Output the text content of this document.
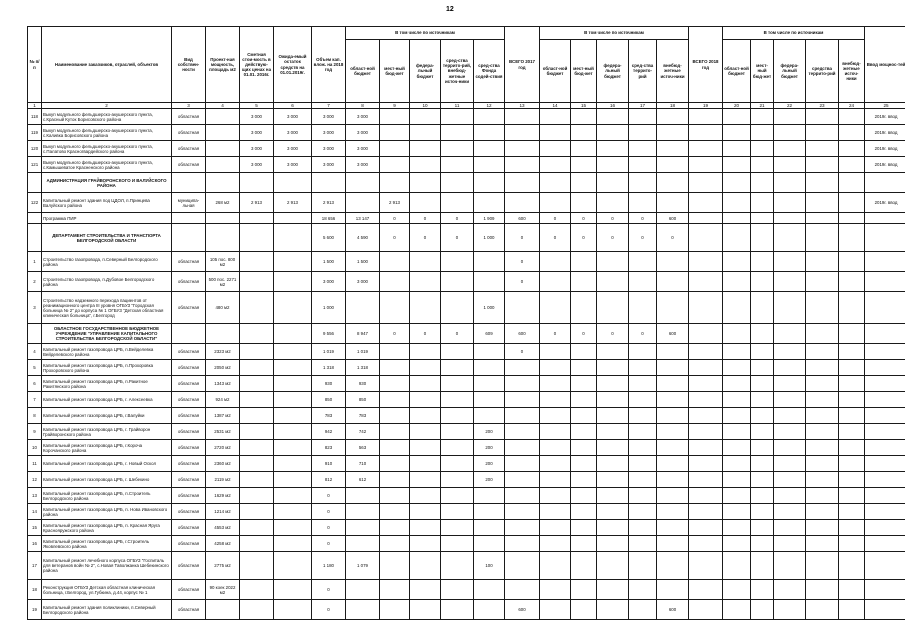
12
№ п/п	Наименование заказчиков, отраслей, объектов	Вид собствен-ности	Проект-ная мощность, площадь м2	Сметная стои-мость в действую-щих ценах на 01.01. 2016г.	Ожида-емый остаток средств на 01.01.2019г.	Объем кап. влож. на 2018 год	В том числе по источникам					ВСЕГО 2017 год	В том числе по источникам					ВСЕГО 2018 год	В том числе по источникам					Ввод мощнос-тей
							област-ной бюджет	мест-ный бюд-жет	федера-льный бюджет	сред-ства террито-рий, внебюд-жетные источ-ники	сред-ства Фонда содей-ствия		област-ной бюджет	мест-ный бюд-жет	федера-льный бюджет	сред-ства террито-рий	внебюд-жетные источ-ники		област-ной бюджет	мест-ный бюд-жет	федера-льный бюджет	средства террито-рий	внебюд-жетные источ-ники	
1	2	3	4	5	6	7	8	9	10	11	12	13	14	15	16	17	18	19	20	21	22	23	24	25
118	Выкуп модульного фельдшерско-акушерского пункта, с.Красный Куток Борисовского района	областная		3 000	3 000	3 000	3 000																	2019г. ввод
119	Выкуп модульного фельдшерско-акушерского пункта, с.Каливка Борисовского района	областная		3 000	3 000	3 000	3 000																	2019г. ввод
120	Выкуп модульного фельдшерско-акушерского пункта, с.Палатово Красногвардейского района	областная		3 000	3 000	3 000	3 000																	2019г. ввод
121	Выкуп модульного фельдшерско-акушерского пункта, с.Камышеватое Красненского района	областная		3 000	3 000	3 000	3 000																	2019г. ввод
	АДМИНИСТРАЦИЯ ГРАЙВОРОНСКОГО И ВАЛУЙСКОГО РАЙОНА																							
122	Капитальный ремонт здания под ЦДОЛ, п.Принцева Валуйского района	муниципа-льная	268 м2	2 913	2 913	2 913		2 913																2019г. ввод
	Программа ПИР					18 656	13 147	0	0	0	1 909	600	0	0	0	0	600							
	ДЕПАРТАМЕНТ СТРОИТЕЛЬСТВА И ТРАНСПОРТА БЕЛГОРОДСКОЙ ОБЛАСТИ					5 600	4 590	0	0	0	1 000	0	0	0	0	0	0							
1	Строительство газопровода, п.Северный Белгородского района	областная	105 пос. 800 м2			1 500	1 500					0												
2	Строительство газопровода, п.Дубовое Белгородского района	областная	500 пос. 2271 м2			3 000	3 000					0												
3	Строительство надземного перехода пациентов от реанимационного центра III уровня ОГБУЗ "Городская больница № 2" до корпуса № 1 ОГБУЗ "Детская областная клиническая больница", г.Белгород	областная	480 м2			1 000					1 000													
	ОБЛАСТНОЕ ГОСУДАРСТВЕННОЕ БЮДЖЕТНОЕ УЧРЕЖДЕНИЕ "УПРАВЛЕНИЕ КАПИТАЛЬНОГО СТРОИТЕЛЬСТВА БЕЛГОРОДСКОЙ ОБЛАСТИ"					9 556	8 947	0	0	0	609	600	0	0	0	0	600							
4	Капитальный ремонт газопровода ЦРБ, п.Вейделевка Вейделевского района	областная	2323 м2			1 019	1 019					0												
5	Капитальный ремонт газопровода ЦРБ, п.Прохоровка Прохоровского района	областная	2050 м2			1 318	1 318																	
6	Капитальный ремонт газопровода ЦРБ, п.Ракитное Ракитянского района	областная	1343 м2			930	930																	
7	Капитальный ремонт газопровода ЦРБ, г. Алексеевка	областная	924 м2			850	850																	
8	Капитальный ремонт газопровода ЦРБ, г.Валуйки	областная	1387 м2			783	783																	
9	Капитальный ремонт газопровода ЦРБ, г. Грайворон Грайворонского района	областная	2531 м2			942	742				200													
10	Капитальный ремонт газопровода ЦРБ, г.Короча Корочанского района	областная	2720 м2			823	563				200													
11	Капитальный ремонт газопровода ЦРБ, г. Новый Оскол	областная	2360 м2			910	710				200													
12	Капитальный ремонт газопровода ЦРБ, г. Шебекино	областная	2119 м2			812	612				200													
13	Капитальный ремонт газопровода ЦРБ, п.Строитель Белгородского района	областная	1629 м2			0																		
14	Капитальный ремонт газопровода ЦРБ, п. Нова Ивановского района	областная	1214 м2			0																		
15	Капитальный ремонт газопровода ЦРБ, п. Красная Яруга Краснояружского района	областная	4553 м2			0																		
16	Капитальный ремонт газопровода ЦРБ, г.Строитель Яковлевского района	областная	4258 м2			0																		
17	Капитальный ремонт лечебного корпуса ОГБУЗ "Госпиталь для ветеранов войн № 2", с.Новая Таволжанка Шебекинского района	областная	2775 м2			1 180	1 079				100													
18	Реконструкция ОГБУЗ Детская областная клиническая больница, г.Белгород, ул.Губкина, д.44, корпус № 1	областная	90 коек 2022 м2			0																		
19	Капитальный ремонт здания поликлиники, п.Северный Белгородского района	областная				0						600					600							
